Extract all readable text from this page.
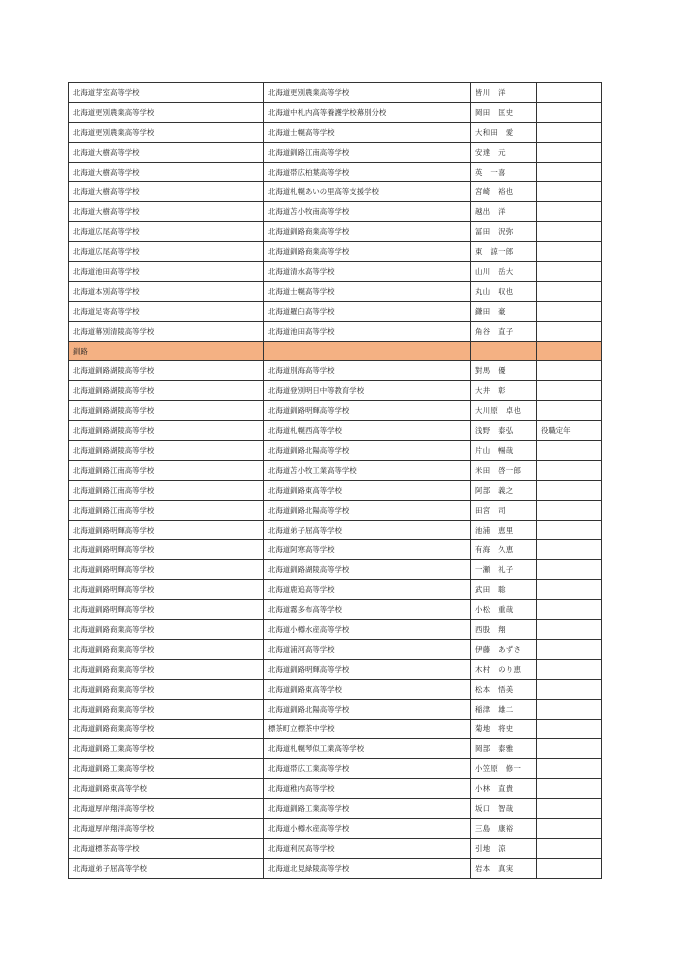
北海道芽室高等学校	北海道更別農業高等学校	皆川　洋	
北海道更別農業高等学校	北海道中札内高等養護学校幕別分校	岡田　匡史	
北海道更別農業高等学校	北海道士幌高等学校	大和田　愛	
北海道大樹高等学校	北海道釧路江南高等学校	安達　元	
北海道大樹高等学校	北海道帯広柏葉高等学校	英　一喜	
北海道大樹高等学校	北海道札幌あいの里高等支援学校	宮崎　裕也	
北海道大樹高等学校	北海道苫小牧南高等学校	越出　洋	
北海道広尾高等学校	北海道釧路商業高等学校	冨田　況弥	
北海道広尾高等学校	北海道釧路商業高等学校	東　諒一郎	
北海道池田高等学校	北海道清水高等学校	山川　岳大	
北海道本別高等学校	北海道士幌高等学校	丸山　収也	
北海道足寄高等学校	北海道羅臼高等学校	鎌田　豪	
北海道幕別清陵高等学校	北海道池田高等学校	角谷　直子	
釧路			
北海道釧路湖陵高等学校	北海道別海高等学校	對馬　優	
北海道釧路湖陵高等学校	北海道登別明日中等教育学校	大井　彰	
北海道釧路湖陵高等学校	北海道釧路明輝高等学校	大川原　卓也	
北海道釧路湖陵高等学校	北海道札幌西高等学校	浅野　泰弘	役職定年
北海道釧路湖陵高等学校	北海道釧路北陽高等学校	片山　暢哉	
北海道釧路江南高等学校	北海道苫小牧工業高等学校	米田　啓一郎	
北海道釧路江南高等学校	北海道釧路東高等学校	阿部　義之	
北海道釧路江南高等学校	北海道釧路北陽高等学校	田宮　司	
北海道釧路明輝高等学校	北海道弟子屈高等学校	池浦　恵里	
北海道釧路明輝高等学校	北海道阿寒高等学校	有海　久恵	
北海道釧路明輝高等学校	北海道釧路湖陵高等学校	一瀬　礼子	
北海道釧路明輝高等学校	北海道鹿追高等学校	武田　聡	
北海道釧路明輝高等学校	北海道霧多布高等学校	小松　重哉	
北海道釧路商業高等学校	北海道小樽水産高等学校	西股　翔	
北海道釧路商業高等学校	北海道浦河高等学校	伊藤　あずさ	
北海道釧路商業高等学校	北海道釧路明輝高等学校	木村　のり恵	
北海道釧路商業高等学校	北海道釧路東高等学校	松本　悟美	
北海道釧路商業高等学校	北海道釧路北陽高等学校	稲津　雄二	
北海道釧路商業高等学校	標茶町立標茶中学校	菊地　将史	
北海道釧路工業高等学校	北海道札幌琴似工業高等学校	岡部　泰雅	
北海道釧路工業高等学校	北海道帯広工業高等学校	小笠原　修一	
北海道釧路東高等学校	北海道稚内高等学校	小林　直貴	
北海道厚岸翔洋高等学校	北海道釧路工業高等学校	坂口　智哉	
北海道厚岸翔洋高等学校	北海道小樽水産高等学校	三島　康裕	
北海道標茶高等学校	北海道利尻高等学校	引地　涼	
北海道弟子屈高等学校	北海道北見緑陵高等学校	岩本　真実	
